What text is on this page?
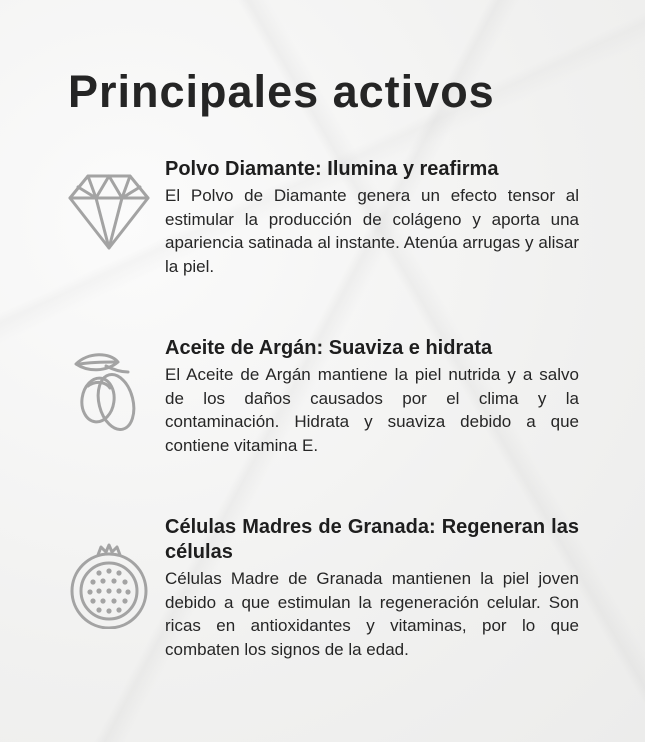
Principales activos
Polvo Diamante: Ilumina y reafirma

El Polvo de Diamante genera un efecto tensor al estimular la producción de colágeno y aporta una apariencia satinada al instante. Atenúa arrugas y alisar la piel.

Aceite de Argán: Suaviza e hidrata

El Aceite de Argán mantiene la piel nutrida y a salvo de los daños causados por el clima y la contaminación. Hidrata y suaviza debido a que contiene vitamina E.

Células Madres de Granada: Regeneran las células

Células Madre de Granada mantienen la piel joven debido a que estimulan la regeneración celular. Son ricas en antioxidantes y vitaminas, por lo que combaten los signos de la edad.
